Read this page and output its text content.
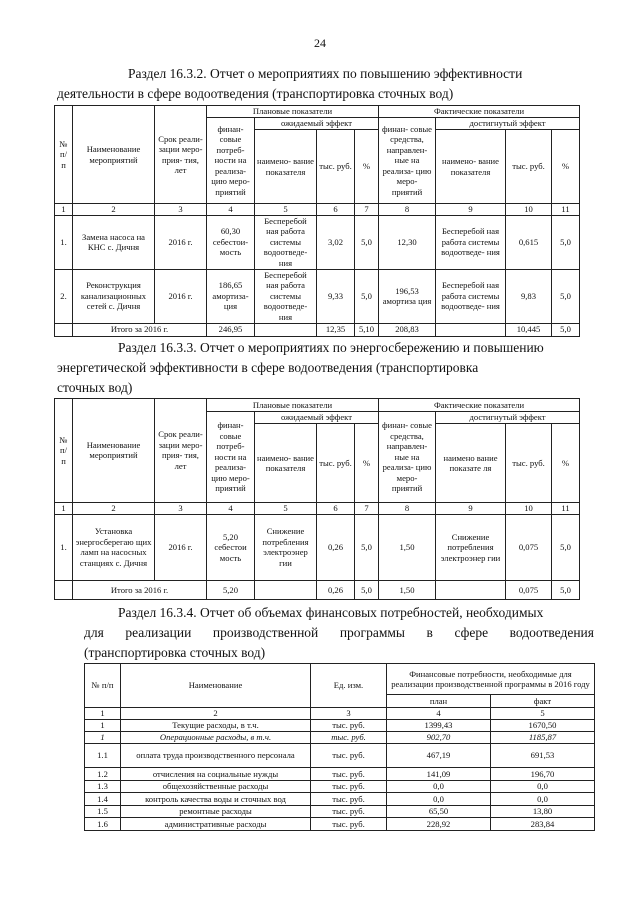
24
Раздел 16.3.2. Отчет о мероприятиях по повышению эффективности
деятельности в сфере водоотведения (транспортировка сточных вод)
№ п/ п	Наименование мероприятий	Срок реали- зации меро- прия- тия, лет	Плановые показатели				Фактические показатели			
			финан- совые потреб- ности на реализа- цию меро- приятий	ожидаемый эффект			финан- совые средства, направлен- ные на реализа- цию меро- приятий	достигнутый эффект		
				наимено- вание показателя	тыс. руб.	%		наимено- вание показателя	тыс. руб.	%
1	2	3	4	5	6	7	8	9	10	11
1.	Замена насоса на КНС с. Дичня	2016 г.	60,30 себестои- мость	Бесперебой ная работа системы водоотведе- ния	3,02	5,0	12,30	Бесперебой ная работа системы водоотведе- ния	0,615	5,0
2.	Реконструкция канализационных сетей с. Дичня	2016 г.	186,65 амортиза- ция	Бесперебой ная работа системы водоотведе- ния	9,33	5,0	196,53 амортиза ция	Бесперебой ная работа системы водоотведе- ния	9,83	5,0
	Итого за 2016 г.		246,95		12,35	5,10	208,83		10,445	5,0
Раздел 16.3.3. Отчет о мероприятиях по энергосбережению и повышению
энергетической эффективности в сфере водоотведения (транспортировка
сточных вод)
№ п/ п	Наименование мероприятий	Срок реали- зации меро- прия- тия, лет	Плановые показатели				Фактические показатели			
			финан- совые потреб- ности на реализа- цию меро- приятий	ожидаемый эффект			финан- совые средства, направлен- ные на реализа- цию меро- приятий	достигнутый эффект		
				наимено- вание показателя	тыс. руб.	%		наимено вание показате ля	тыс. руб.	%
1	2	3	4	5	6	7	8	9	10	11
1.	Установка энергосберегаю щих ламп на насосных станциях с. Дичня	2016 г.	5,20 себестои мость	Снижение потребления электроэнер гии	0,26	5,0	1,50	Снижение потребления электроэнер гии	0,075	5,0
	Итого за 2016 г.		5,20		0,26	5,0	1,50		0,075	5,0
Раздел 16.3.4. Отчет об объемах финансовых потребностей, необходимых
для реализации производственной программы в сфере водоотведения
(транспортировка сточных вод)
№ п/п	Наименование	Ед. изм.	Финансовые потребности, необходимые для реализации производственной программы в 2016 году	
			план	факт
1	2	3	4	5
1	Текущие расходы, в т.ч.	тыс. руб.	1399,43	1670,50
1	Операционные расходы, в т.ч.	тыс. руб.	902,70	1185,87
1.1	оплата труда производственного персонала	тыс. руб.	467,19	691,53
1.2	отчисления на социальные нужды	тыс. руб.	141,09	196,70
1.3	общехозяйственные расходы	тыс. руб.	0,0	0,0
1.4	контроль качества воды и сточных вод	тыс. руб.	0,0	0,0
1.5	ремонтные расходы	тыс. руб.	65,50	13,80
1.6	административные расходы	тыс. руб.	228,92	283,84
